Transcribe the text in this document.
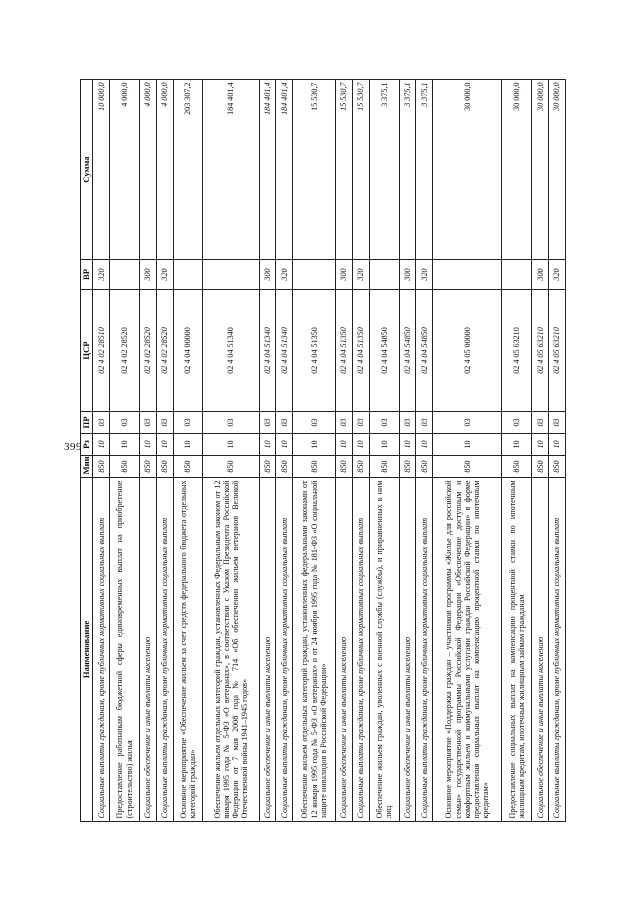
399
Наименование	Мин	Рз	ПР	ЦСР	ВР	Сумма
Социальные выплаты гражданам, кроме публичных нормативных социальных выплат	850	10	03	02 4 02 28510	320	10 000,0
Предоставление работникам бюджетной сферы единовременных выплат на приобретение (строительство) жилья	850	10	03	02 4 02 28520		4 000,0
Социальное обеспечение и иные выплаты населению	850	10	03	02 4 02 28520	300	4 000,0
Социальные выплаты гражданам, кроме публичных нормативных социальных выплат	850	10	03	02 4 02 28520	320	4 000,0
Основное мероприятие «Обеспечение жильем за счет средств федерального бюджета отдельных категорий граждан»	850	10	03	02 4 04 00000		203 307,2
Обеспечение жильем отдельных категорий граждан, установленных Федеральным законом от 12 января 1995 года № 5-ФЗ «О ветеранах», в соответствии с Указом Президента Российской Федерации от 7 мая 2008 года № 714 «Об обеспечении жильем ветеранов Великой Отечественной войны 1941–1945 годов»	850	10	03	02 4 04 51340		184 401,4
Социальное обеспечение и иные выплаты населению	850	10	03	02 4 04 51340	300	184 401,4
Социальные выплаты гражданам, кроме публичных нормативных социальных выплат	850	10	03	02 4 04 51340	320	184 401,4
Обеспечение жильем отдельных категорий граждан, установленных федеральными законами от 12 января 1995 года № 5-ФЗ «О ветеранах» и от 24 ноября 1995 года № 181-ФЗ «О социальной защите инвалидов в Российской Федерации»	850	10	03	02 4 04 51350		15 530,7
Социальное обеспечение и иные выплаты населению	850	10	03	02 4 04 51350	300	15 530,7
Социальные выплаты гражданам, кроме публичных нормативных социальных выплат	850	10	03	02 4 04 51350	320	15 530,7
Обеспечение жильем граждан, уволенных с военной службы (службы), и приравненных к ним лиц	850	10	03	02 4 04 54850		3 375,1
Социальное обеспечение и иные выплаты населению	850	10	03	02 4 04 54850	300	3 375,1
Социальные выплаты гражданам, кроме публичных нормативных социальных выплат	850	10	03	02 4 04 54850	320	3 375,1
Основное мероприятие «Поддержка граждан – участников программы «Жилье для российской семьи» государственной программы Российской Федерации «Обеспечение доступным и комфортным жильем и коммунальными услугами граждан Российской Федерации» в форме предоставления социальных выплат на компенсацию процентной ставки по ипотечным кредитам»	850	10	03	02 4 05 00000		30 000,0
Предоставление социальных выплат на компенсацию процентной ставки по ипотечным жилищным кредитам, ипотечным жилищным займам гражданам	850	10	03	02 4 05 63210		30 000,0
Социальное обеспечение и иные выплаты населению	850	10	03	02 4 05 63210	300	30 000,0
Социальные выплаты гражданам, кроме публичных нормативных социальных выплат	850	10	03	02 4 05 63210	320	30 000,0
